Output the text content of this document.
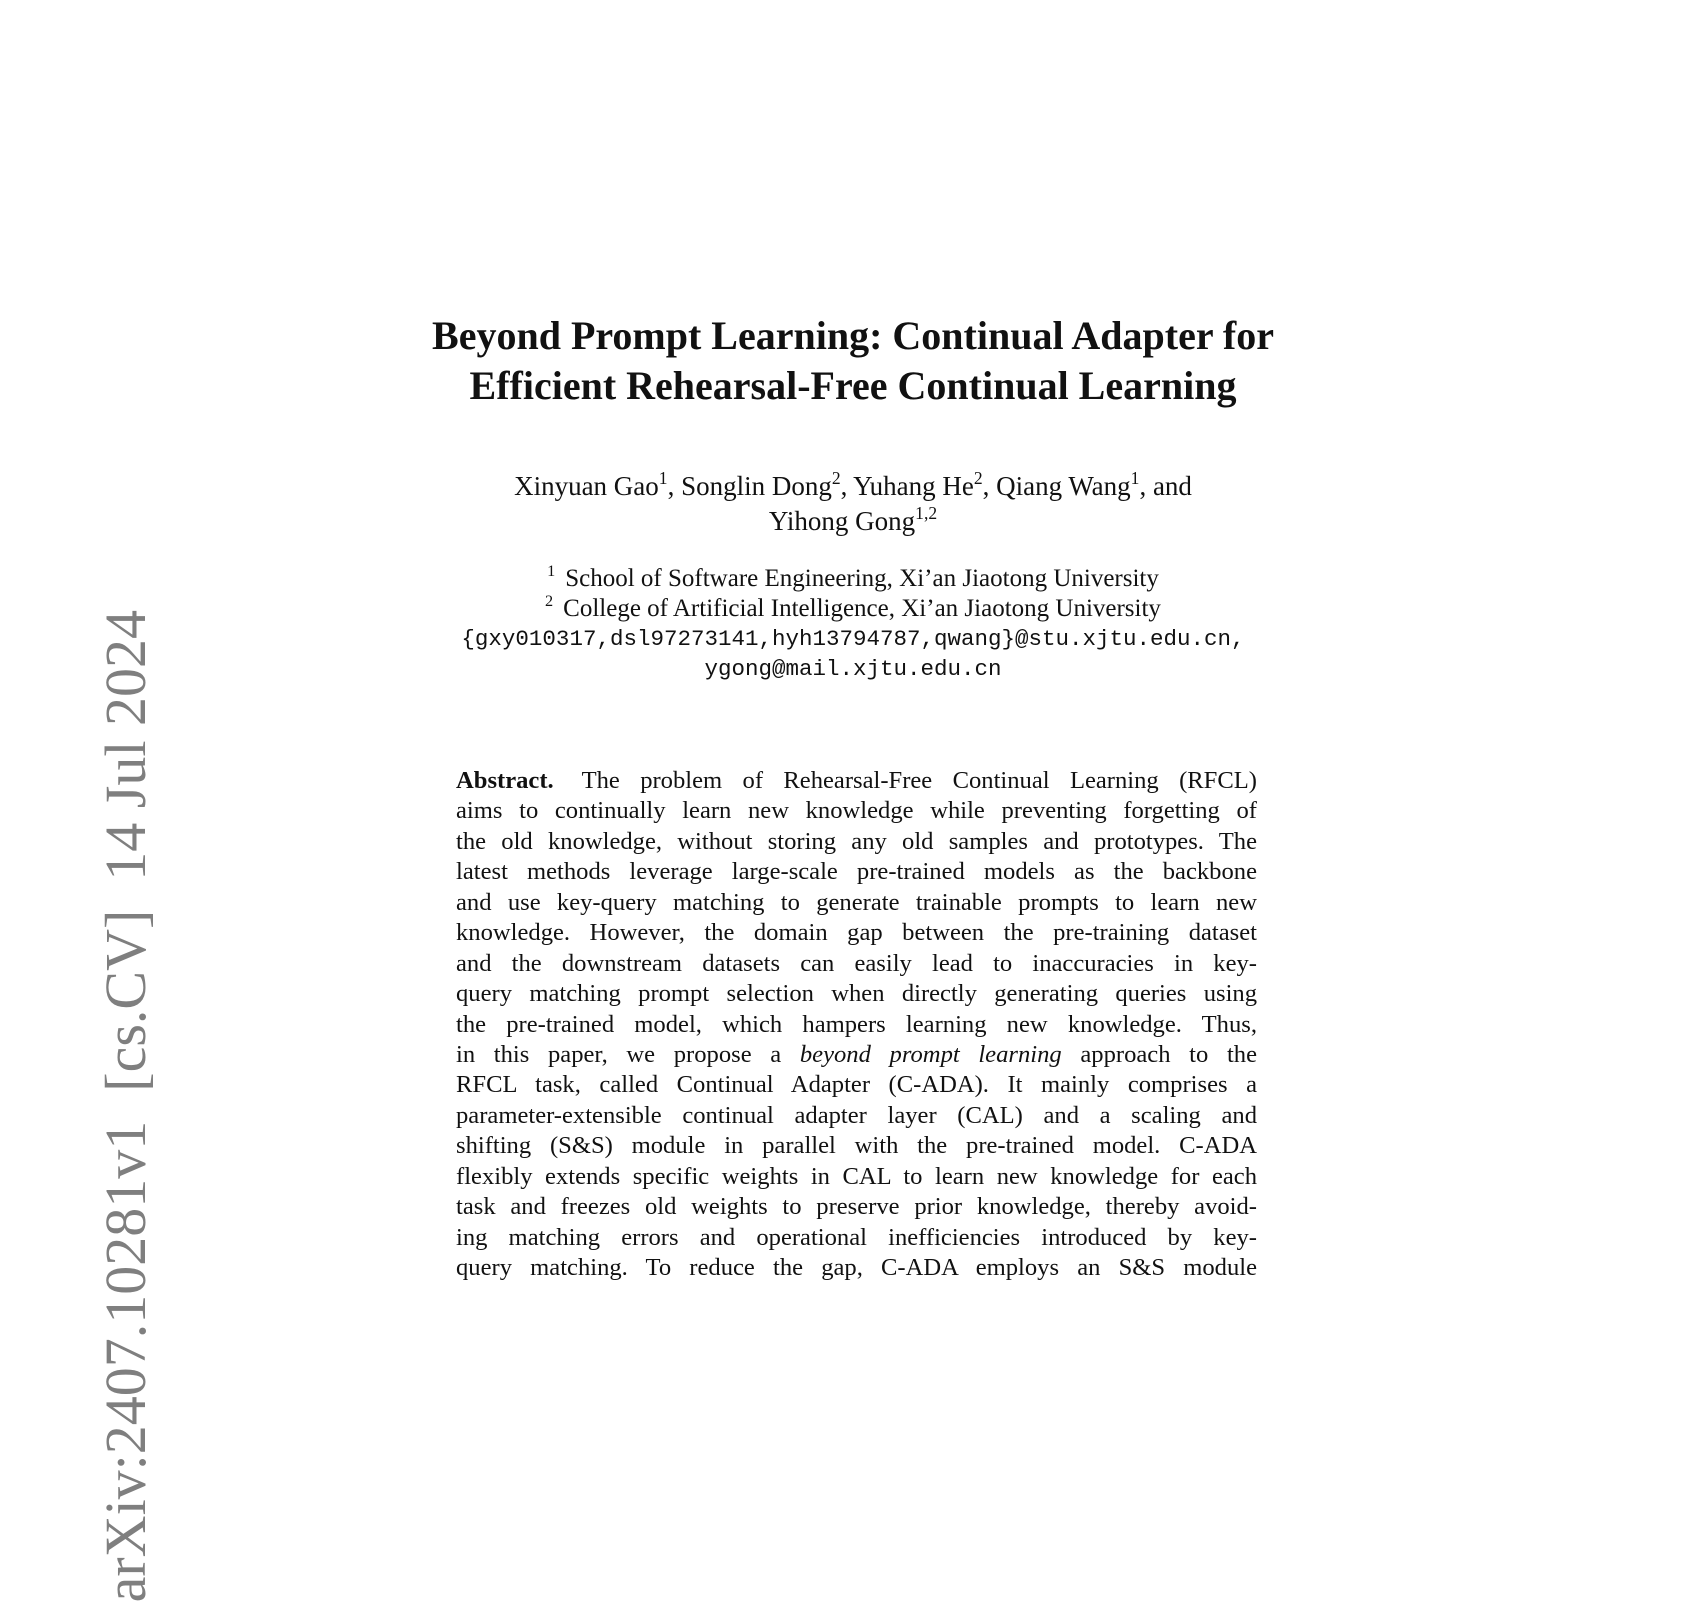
arXiv:2407.10281v1  [cs.CV]  14 Jul 2024
Beyond Prompt Learning: Continual Adapter for
Efficient Rehearsal-Free Continual Learning
Xinyuan Gao$^1$, Songlin Dong$^2$, Yuhang He$^2$, Qiang Wang$^1$, and
Yihong Gong$^{1,2}$
$^1$ School of Software Engineering, Xi’an Jiaotong University
$^2$ College of Artificial Intelligence, Xi’an Jiaotong University
{gxy010317,dsl97273141,hyh13794787,qwang}@stu.xjtu.edu.cn,
ygong@mail.xjtu.edu.cn
Abstract. The problem of Rehearsal-Free Continual Learning (RFCL)
aims to continually learn new knowledge while preventing forgetting of
the old knowledge, without storing any old samples and prototypes. The
latest methods leverage large-scale pre-trained models as the backbone
and use key-query matching to generate trainable prompts to learn new
knowledge. However, the domain gap between the pre-training dataset
and the downstream datasets can easily lead to inaccuracies in key-
query matching prompt selection when directly generating queries using
the pre-trained model, which hampers learning new knowledge. Thus,
in this paper, we propose a beyond prompt learning approach to the
RFCL task, called Continual Adapter (C-ADA). It mainly comprises a
parameter-extensible continual adapter layer (CAL) and a scaling and
shifting (S&S) module in parallel with the pre-trained model. C-ADA
flexibly extends specific weights in CAL to learn new knowledge for each
task and freezes old weights to preserve prior knowledge, thereby avoid-
ing matching errors and operational inefficiencies introduced by key-
query matching. To reduce the gap, C-ADA employs an S&S module
